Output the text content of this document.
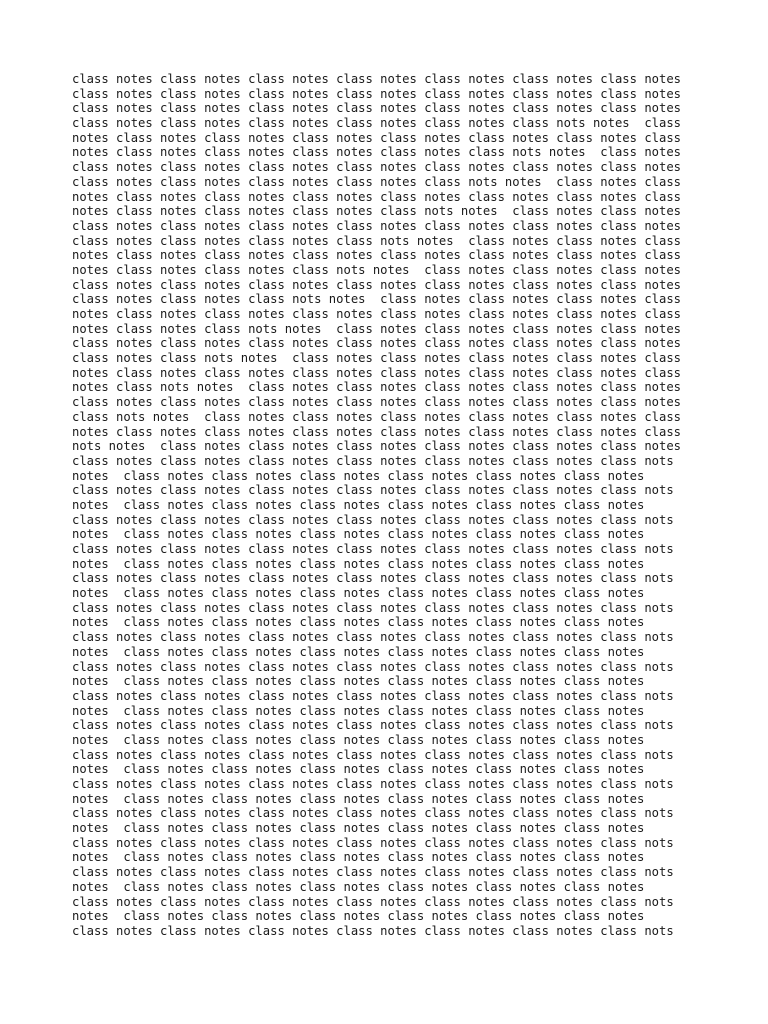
class notes class notes class notes class notes class notes class notes class notes
class notes class notes class notes class notes class notes class notes class notes
class notes class notes class notes class notes class notes class notes class notes
class notes class notes class notes class notes class notes class nots notes  class
notes class notes class notes class notes class notes class notes class notes class
notes class notes class notes class notes class notes class nots notes  class notes
class notes class notes class notes class notes class notes class notes class notes
class notes class notes class notes class notes class nots notes  class notes class
notes class notes class notes class notes class notes class notes class notes class
notes class notes class notes class notes class nots notes  class notes class notes
class notes class notes class notes class notes class notes class notes class notes
class notes class notes class notes class nots notes  class notes class notes class
notes class notes class notes class notes class notes class notes class notes class
notes class notes class notes class nots notes  class notes class notes class notes
class notes class notes class notes class notes class notes class notes class notes
class notes class notes class nots notes  class notes class notes class notes class
notes class notes class notes class notes class notes class notes class notes class
notes class notes class nots notes  class notes class notes class notes class notes
class notes class notes class notes class notes class notes class notes class notes
class notes class nots notes  class notes class notes class notes class notes class
notes class notes class notes class notes class notes class notes class notes class
notes class nots notes  class notes class notes class notes class notes class notes
class notes class notes class notes class notes class notes class notes class notes
class nots notes  class notes class notes class notes class notes class notes class
notes class notes class notes class notes class notes class notes class notes class
nots notes  class notes class notes class notes class notes class notes class notes
class notes class notes class notes class notes class notes class notes class nots
notes  class notes class notes class notes class notes class notes class notes
class notes class notes class notes class notes class notes class notes class nots
notes  class notes class notes class notes class notes class notes class notes
class notes class notes class notes class notes class notes class notes class nots
notes  class notes class notes class notes class notes class notes class notes
class notes class notes class notes class notes class notes class notes class nots
notes  class notes class notes class notes class notes class notes class notes
class notes class notes class notes class notes class notes class notes class nots
notes  class notes class notes class notes class notes class notes class notes
class notes class notes class notes class notes class notes class notes class nots
notes  class notes class notes class notes class notes class notes class notes
class notes class notes class notes class notes class notes class notes class nots
notes  class notes class notes class notes class notes class notes class notes
class notes class notes class notes class notes class notes class notes class nots
notes  class notes class notes class notes class notes class notes class notes
class notes class notes class notes class notes class notes class notes class nots
notes  class notes class notes class notes class notes class notes class notes
class notes class notes class notes class notes class notes class notes class nots
notes  class notes class notes class notes class notes class notes class notes
class notes class notes class notes class notes class notes class notes class nots
notes  class notes class notes class notes class notes class notes class notes
class notes class notes class notes class notes class notes class notes class nots
notes  class notes class notes class notes class notes class notes class notes
class notes class notes class notes class notes class notes class notes class nots
notes  class notes class notes class notes class notes class notes class notes
class notes class notes class notes class notes class notes class notes class nots
notes  class notes class notes class notes class notes class notes class notes
class notes class notes class notes class notes class notes class notes class nots
notes  class notes class notes class notes class notes class notes class notes
class notes class notes class notes class notes class notes class notes class nots
notes  class notes class notes class notes class notes class notes class notes
class notes class notes class notes class notes class notes class notes class nots
